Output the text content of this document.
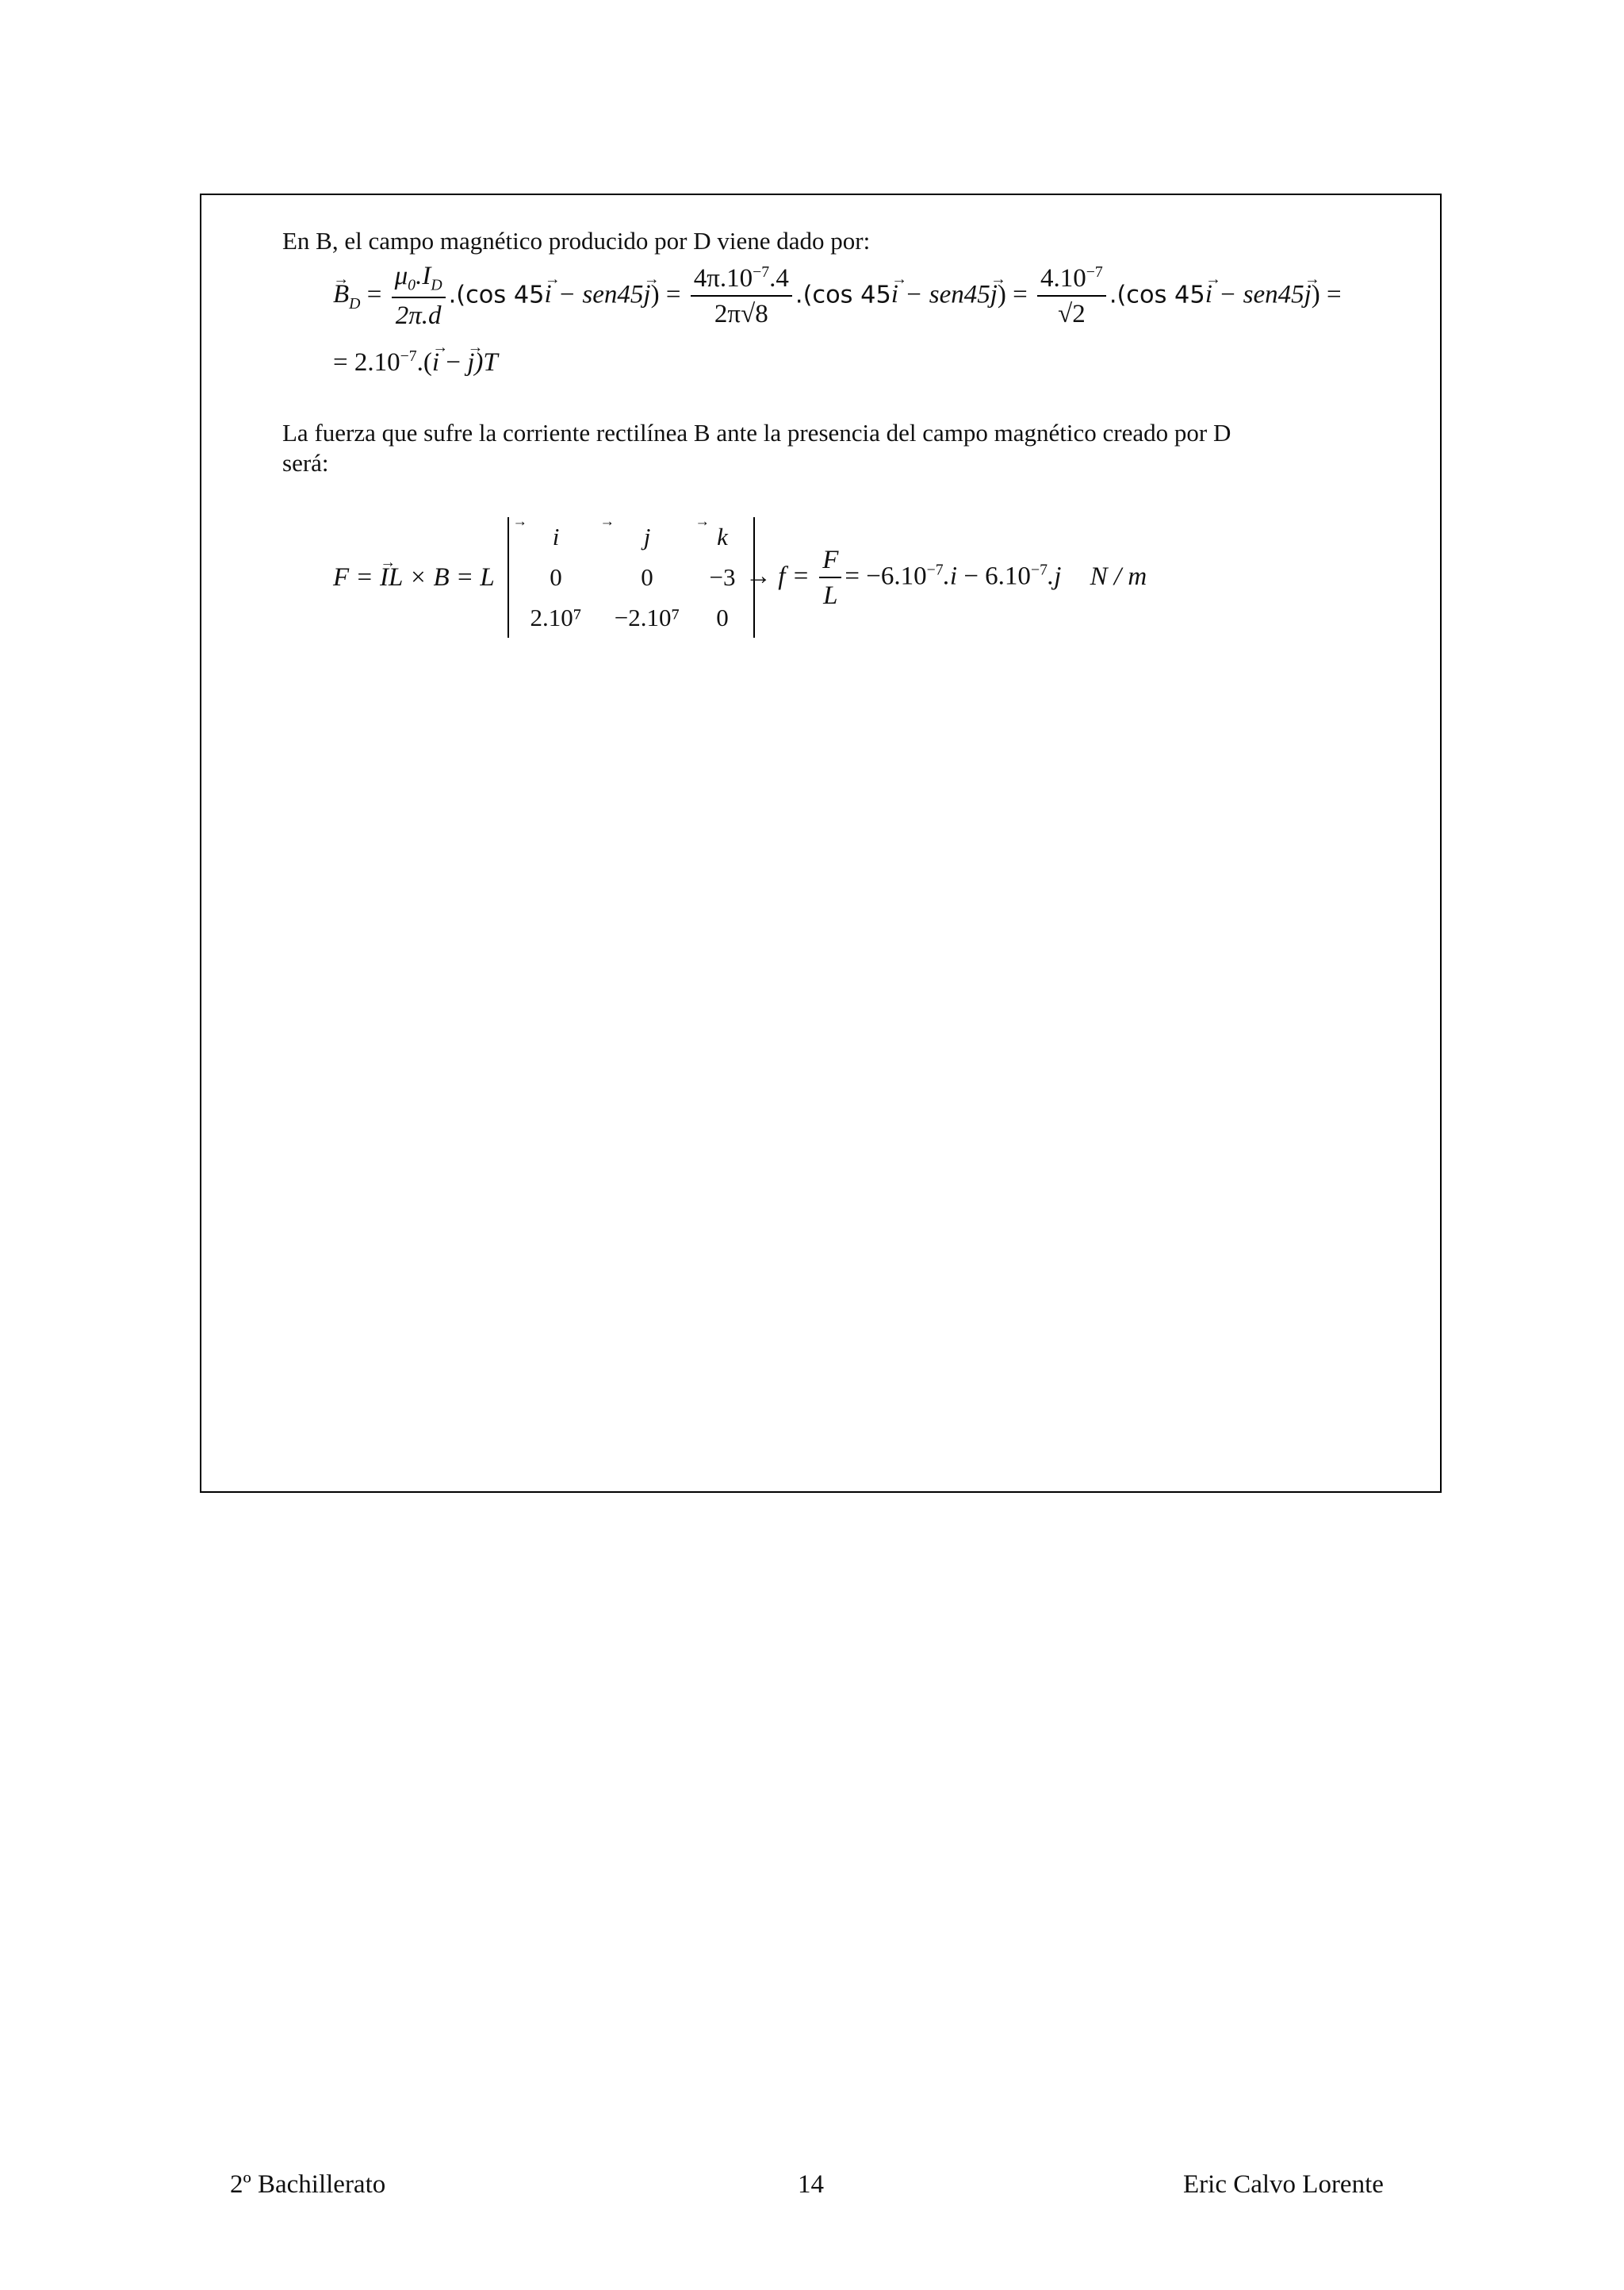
En B, el campo magnético producido por D viene dado por:
→ $B_D = \frac{\mu_0.I_D}{2\pi.d} .(\cos$ $45\to i - sen45\to j) = \frac{4\pi.10^{-7}.4}{2\pi√8} .(\cos$ $45\to i - sen45\to j) = \frac{4.10^{-7}}{√2} .(\cos$ 45→ i − sen45→ j) =
= $2.10^{-7}.(\to i$ − → j)T
La fuerza que sufre la corriente rectilínea B ante la presencia del campo magnético creado por D
será:
F = → IL × B = L
→ i	→ j	→ k
0	0	−3
2.10⁷	−2.10⁷	0
→ $f = \frac{F}{L} = -6.10^{-7}.i - 6.10^{-7}.j$ N / m
2º Bachillerato	14	Eric Calvo Lorente
